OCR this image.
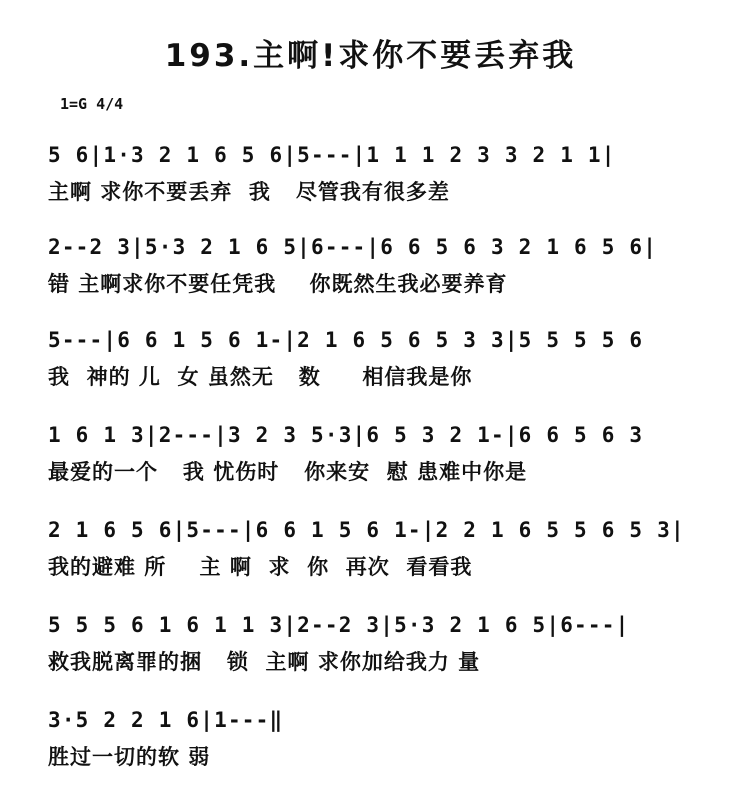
193.主啊!求你不要丢弃我
1=G 4/4
5 6|1·3 2 1 6 5 6|5---|1 1 1 2 3 3 2 1 1|
主啊 求你不要丢弃  我   尽管我有很多差
2--2 3|5·3 2 1 6 5|6---|6 6 5 6 3 2 1 6 5 6|
错 主啊求你不要任凭我    你既然生我必要养育
5---|6 6 1 5 6 1-|2 1 6 5 6 5 3 3|5 5 5 5 6
我  神的 儿  女 虽然无   数     相信我是你
1 6 1 3|2---|3 2 3 5·3|6 5 3 2 1-|6 6 5 6 3
最爱的一个   我 忧伤时   你来安  慰 患难中你是
2 1 6 5 6|5---|6 6 1 5 6 1-|2 2 1 6 5 5 6 5 3|
我的避难 所    主 啊  求  你  再次  看看我
5 5 5 6 1 6 1 1 3|2--2 3|5·3 2 1 6 5|6---|
救我脱离罪的捆   锁  主啊 求你加给我力 量
3·5 2 2 1 6|1---‖
胜过一切的软 弱
